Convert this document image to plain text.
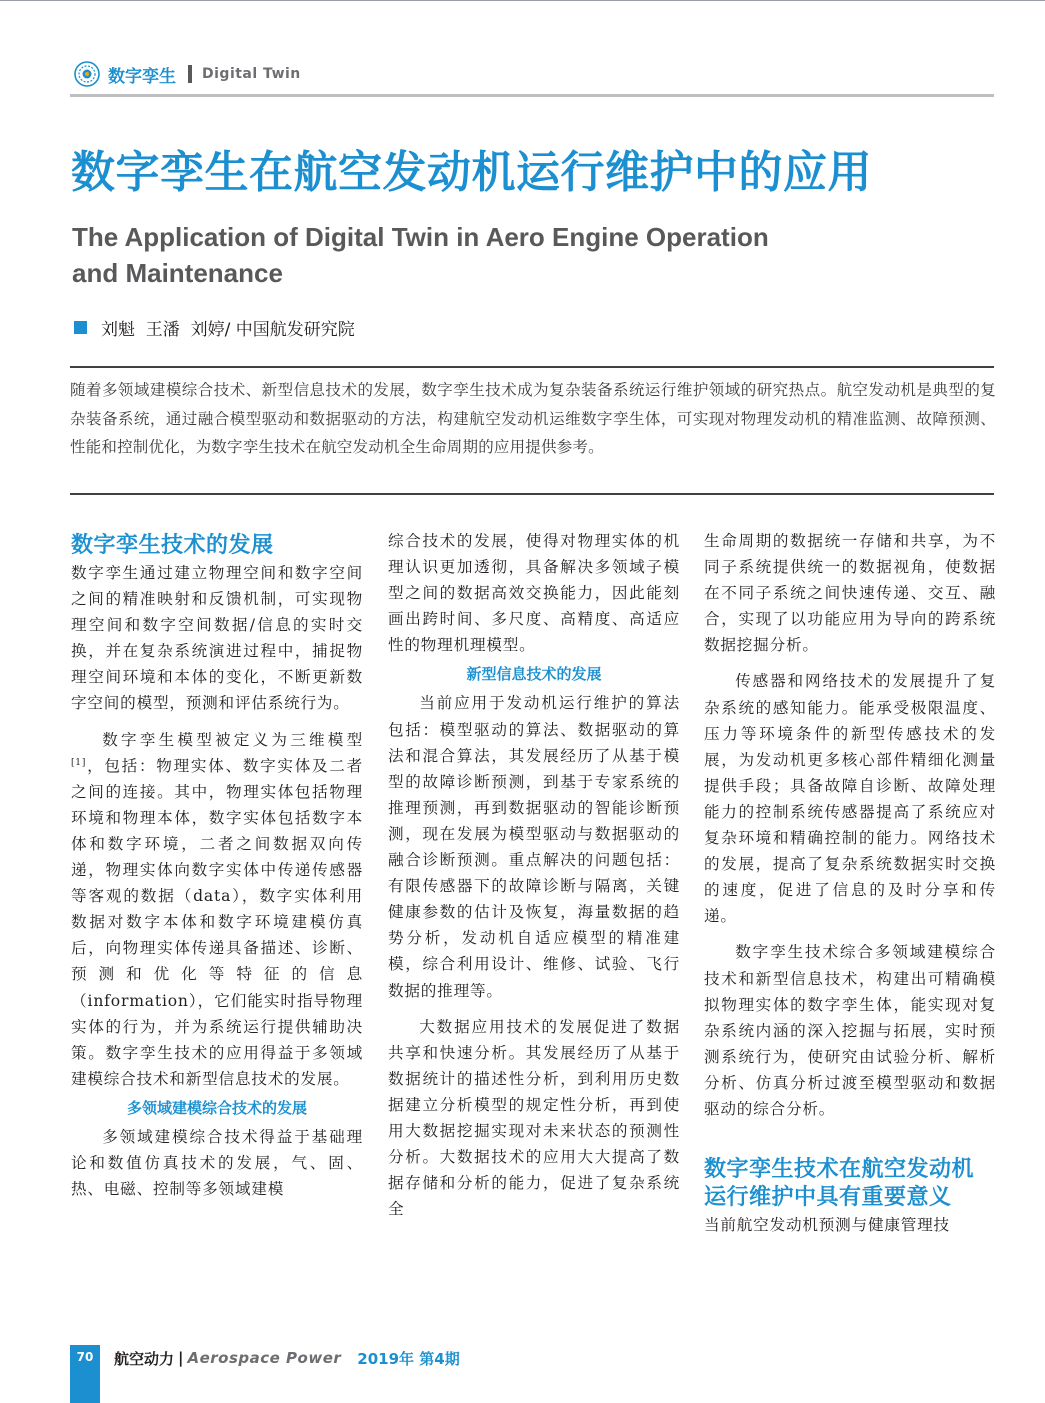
数字孪生 Digital Twin
数字孪生在航空发动机运行维护中的应用
The Application of Digital Twin in Aero Engine Operation
and Maintenance
刘魁  王潘  刘婷/ 中国航发研究院
随着多领域建模综合技术、新型信息技术的发展，数字孪生技术成为复杂装备系统运行维护领域的研究热点。航空发动机是典型的复杂装备系统，通过融合模型驱动和数据驱动的方法，构建航空发动机运维数字孪生体，可实现对物理发动机的精准监测、故障预测、性能和控制优化，为数字孪生技术在航空发动机全生命周期的应用提供参考。
数字孪生技术的发展

数字孪生通过建立物理空间和数字空间之间的精准映射和反馈机制，可实现物理空间和数字空间数据/信息的实时交换，并在复杂系统演进过程中，捕捉物理空间环境和本体的变化，不断更新数字空间的模型，预测和评估系统行为。

数字孪生模型被定义为三维模型[1]，包括：物理实体、数字实体及二者之间的连接。其中，物理实体包括物理环境和物理本体，数字实体包括数字本体和数字环境，二者之间数据双向传递，物理实体向数字实体中传递传感器等客观的数据（data），数字实体利用数据对数字本体和数字环境建模仿真后，向物理实体传递具备描述、诊断、预测和优化等特征的信息（information），它们能实时指导物理实体的行为，并为系统运行提供辅助决策。数字孪生技术的应用得益于多领域建模综合技术和新型信息技术的发展。

多领域建模综合技术的发展

多领域建模综合技术得益于基础理论和数值仿真技术的发展，气、固、热、电磁、控制等多领域建模

综合技术的发展，使得对物理实体的机理认识更加透彻，具备解决多领域子模型之间的数据高效交换能力，因此能刻画出跨时间、多尺度、高精度、高适应性的物理机理模型。

新型信息技术的发展

当前应用于发动机运行维护的算法包括：模型驱动的算法、数据驱动的算法和混合算法，其发展经历了从基于模型的故障诊断预测，到基于专家系统的推理预测，再到数据驱动的智能诊断预测，现在发展为模型驱动与数据驱动的融合诊断预测。重点解决的问题包括：有限传感器下的故障诊断与隔离，关键健康参数的估计及恢复，海量数据的趋势分析，发动机自适应模型的精准建模，综合利用设计、维修、试验、飞行数据的推理等。

大数据应用技术的发展促进了数据共享和快速分析。其发展经历了从基于数据统计的描述性分析，到利用历史数据建立分析模型的规定性分析，再到使用大数据挖掘实现对未来状态的预测性分析。大数据技术的应用大大提高了数据存储和分析的能力，促进了复杂系统全

生命周期的数据统一存储和共享，为不同子系统提供统一的数据视角，使数据在不同子系统之间快速传递、交互、融合，实现了以功能应用为导向的跨系统数据挖掘分析。

传感器和网络技术的发展提升了复杂系统的感知能力。能承受极限温度、压力等环境条件的新型传感技术的发展，为发动机更多核心部件精细化测量提供手段；具备故障自诊断、故障处理能力的控制系统传感器提高了系统应对复杂环境和精确控制的能力。网络技术的发展，提高了复杂系统数据实时交换的速度，促进了信息的及时分享和传递。

数字孪生技术综合多领域建模综合技术和新型信息技术，构建出可精确模拟物理实体的数字孪生体，能实现对复杂系统内涵的深入挖掘与拓展，实时预测系统行为，使研究由试验分析、解析分析、仿真分析过渡至模型驱动和数据驱动的综合分析。

数字孪生技术在航空发动机
运行维护中具有重要意义

当前航空发动机预测与健康管理技

70	航空动力 | Aerospace Power 2019年 第4期
